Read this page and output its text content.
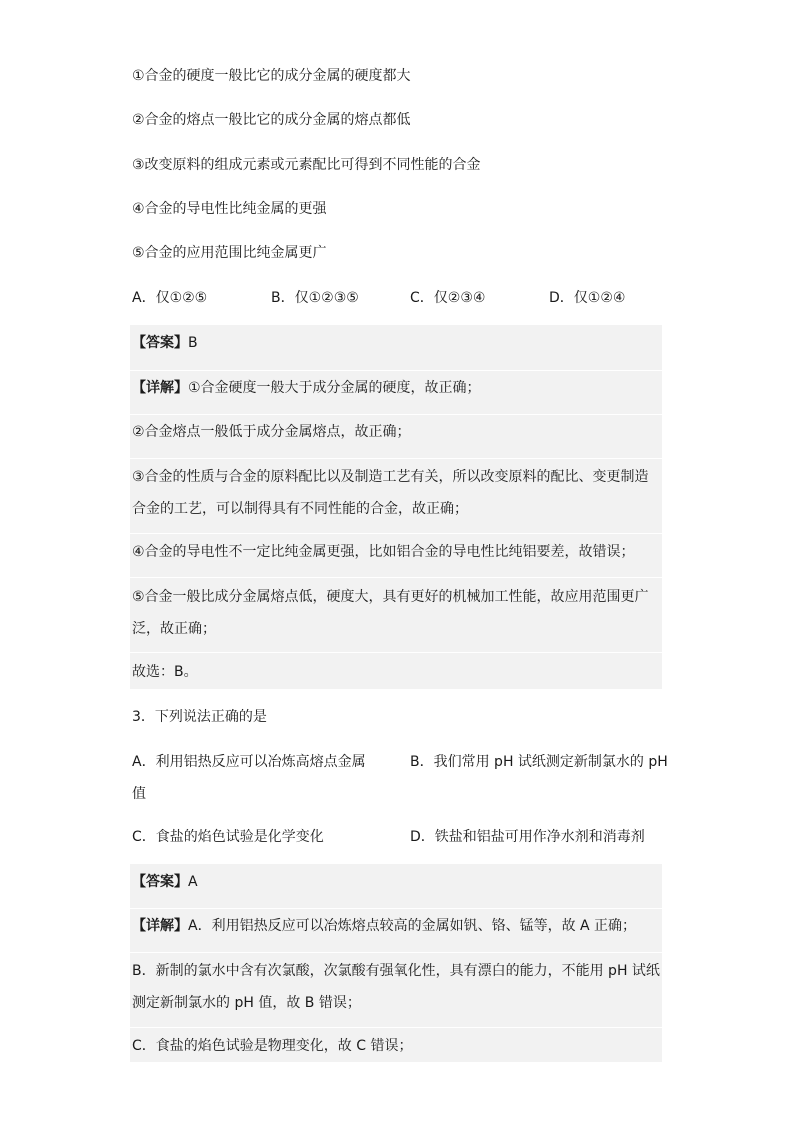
①合金的硬度一般比它的成分金属的硬度都大
②合金的熔点一般比它的成分金属的熔点都低
③改变原料的组成元素或元素配比可得到不同性能的合金
④合金的导电性比纯金属的更强
⑤合金的应用范围比纯金属更广
A．仅①②⑤	B．仅①②③⑤	C．仅②③④	D．仅①②④
【答案】B
【详解】①合金硬度一般大于成分金属的硬度，故正确；
②合金熔点一般低于成分金属熔点，故正确；
③合金的性质与合金的原料配比以及制造工艺有关，所以改变原料的配比、变更制造
合金的工艺，可以制得具有不同性能的合金，故正确；
④合金的导电性不一定比纯金属更强，比如铝合金的导电性比纯铝要差，故错误；
⑤合金一般比成分金属熔点低，硬度大，具有更好的机械加工性能，故应用范围更广
泛，故正确；
故选：B。
3．下列说法正确的是
A．利用铝热反应可以冶炼高熔点金属	B．我们常用 pH 试纸测定新制氯水的 pH
值
C．食盐的焰色试验是化学变化	D．铁盐和铝盐可用作净水剂和消毒剂
【答案】A
【详解】A．利用铝热反应可以冶炼熔点较高的金属如钒、铬、锰等，故 A 正确；
B．新制的氯水中含有次氯酸，次氯酸有强氧化性，具有漂白的能力，不能用 pH 试纸
测定新制氯水的 pH 值，故 B 错误；
C．食盐的焰色试验是物理变化，故 C 错误；
